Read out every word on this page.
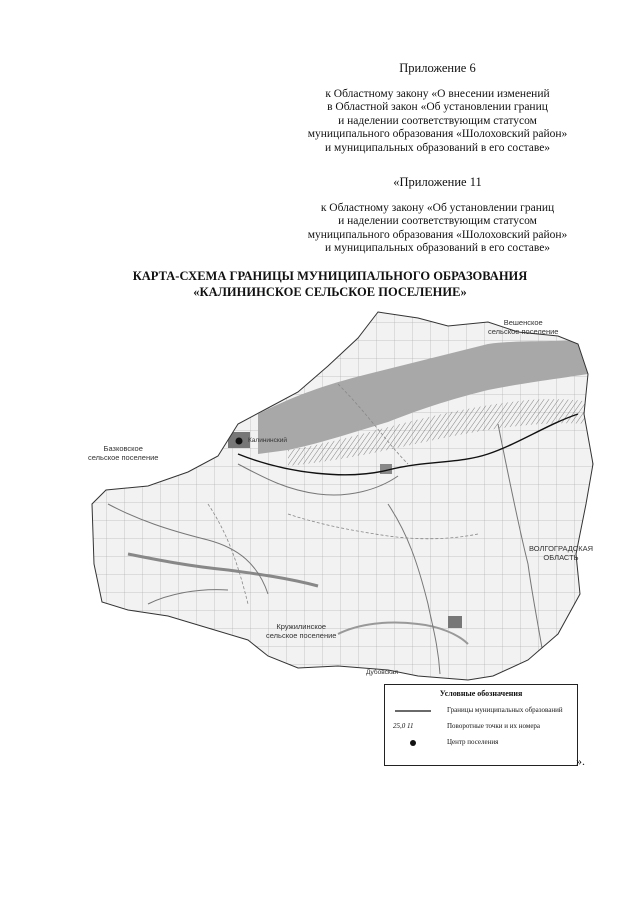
Приложение 6
к Областному закону «О внесении изменений
в Областной закон «Об установлении границ
и наделении соответствующим статусом
муниципального образования «Шолоховский район»
и муниципальных образований в его составе»
«Приложение 11
к Областному закону «Об установлении границ
и наделении соответствующим статусом
муниципального образования «Шолоховский район»
и муниципальных образований в его составе»
КАРТА-СХЕМА ГРАНИЦЫ МУНИЦИПАЛЬНОГО ОБРАЗОВАНИЯ
«КАЛИНИНСКОЕ СЕЛЬСКОЕ ПОСЕЛЕНИЕ»
Вешенское
сельское поселение
Базковское
сельское поселение
ВОЛГОГРАДСКАЯ
ОБЛАСТЬ
Кружилинское
сельское поселение
Калининский
Дубовская
Условные обозначения
Границы муниципальных образований
25,0 11	Поворотные точки и их номера
Центр поселения
».
